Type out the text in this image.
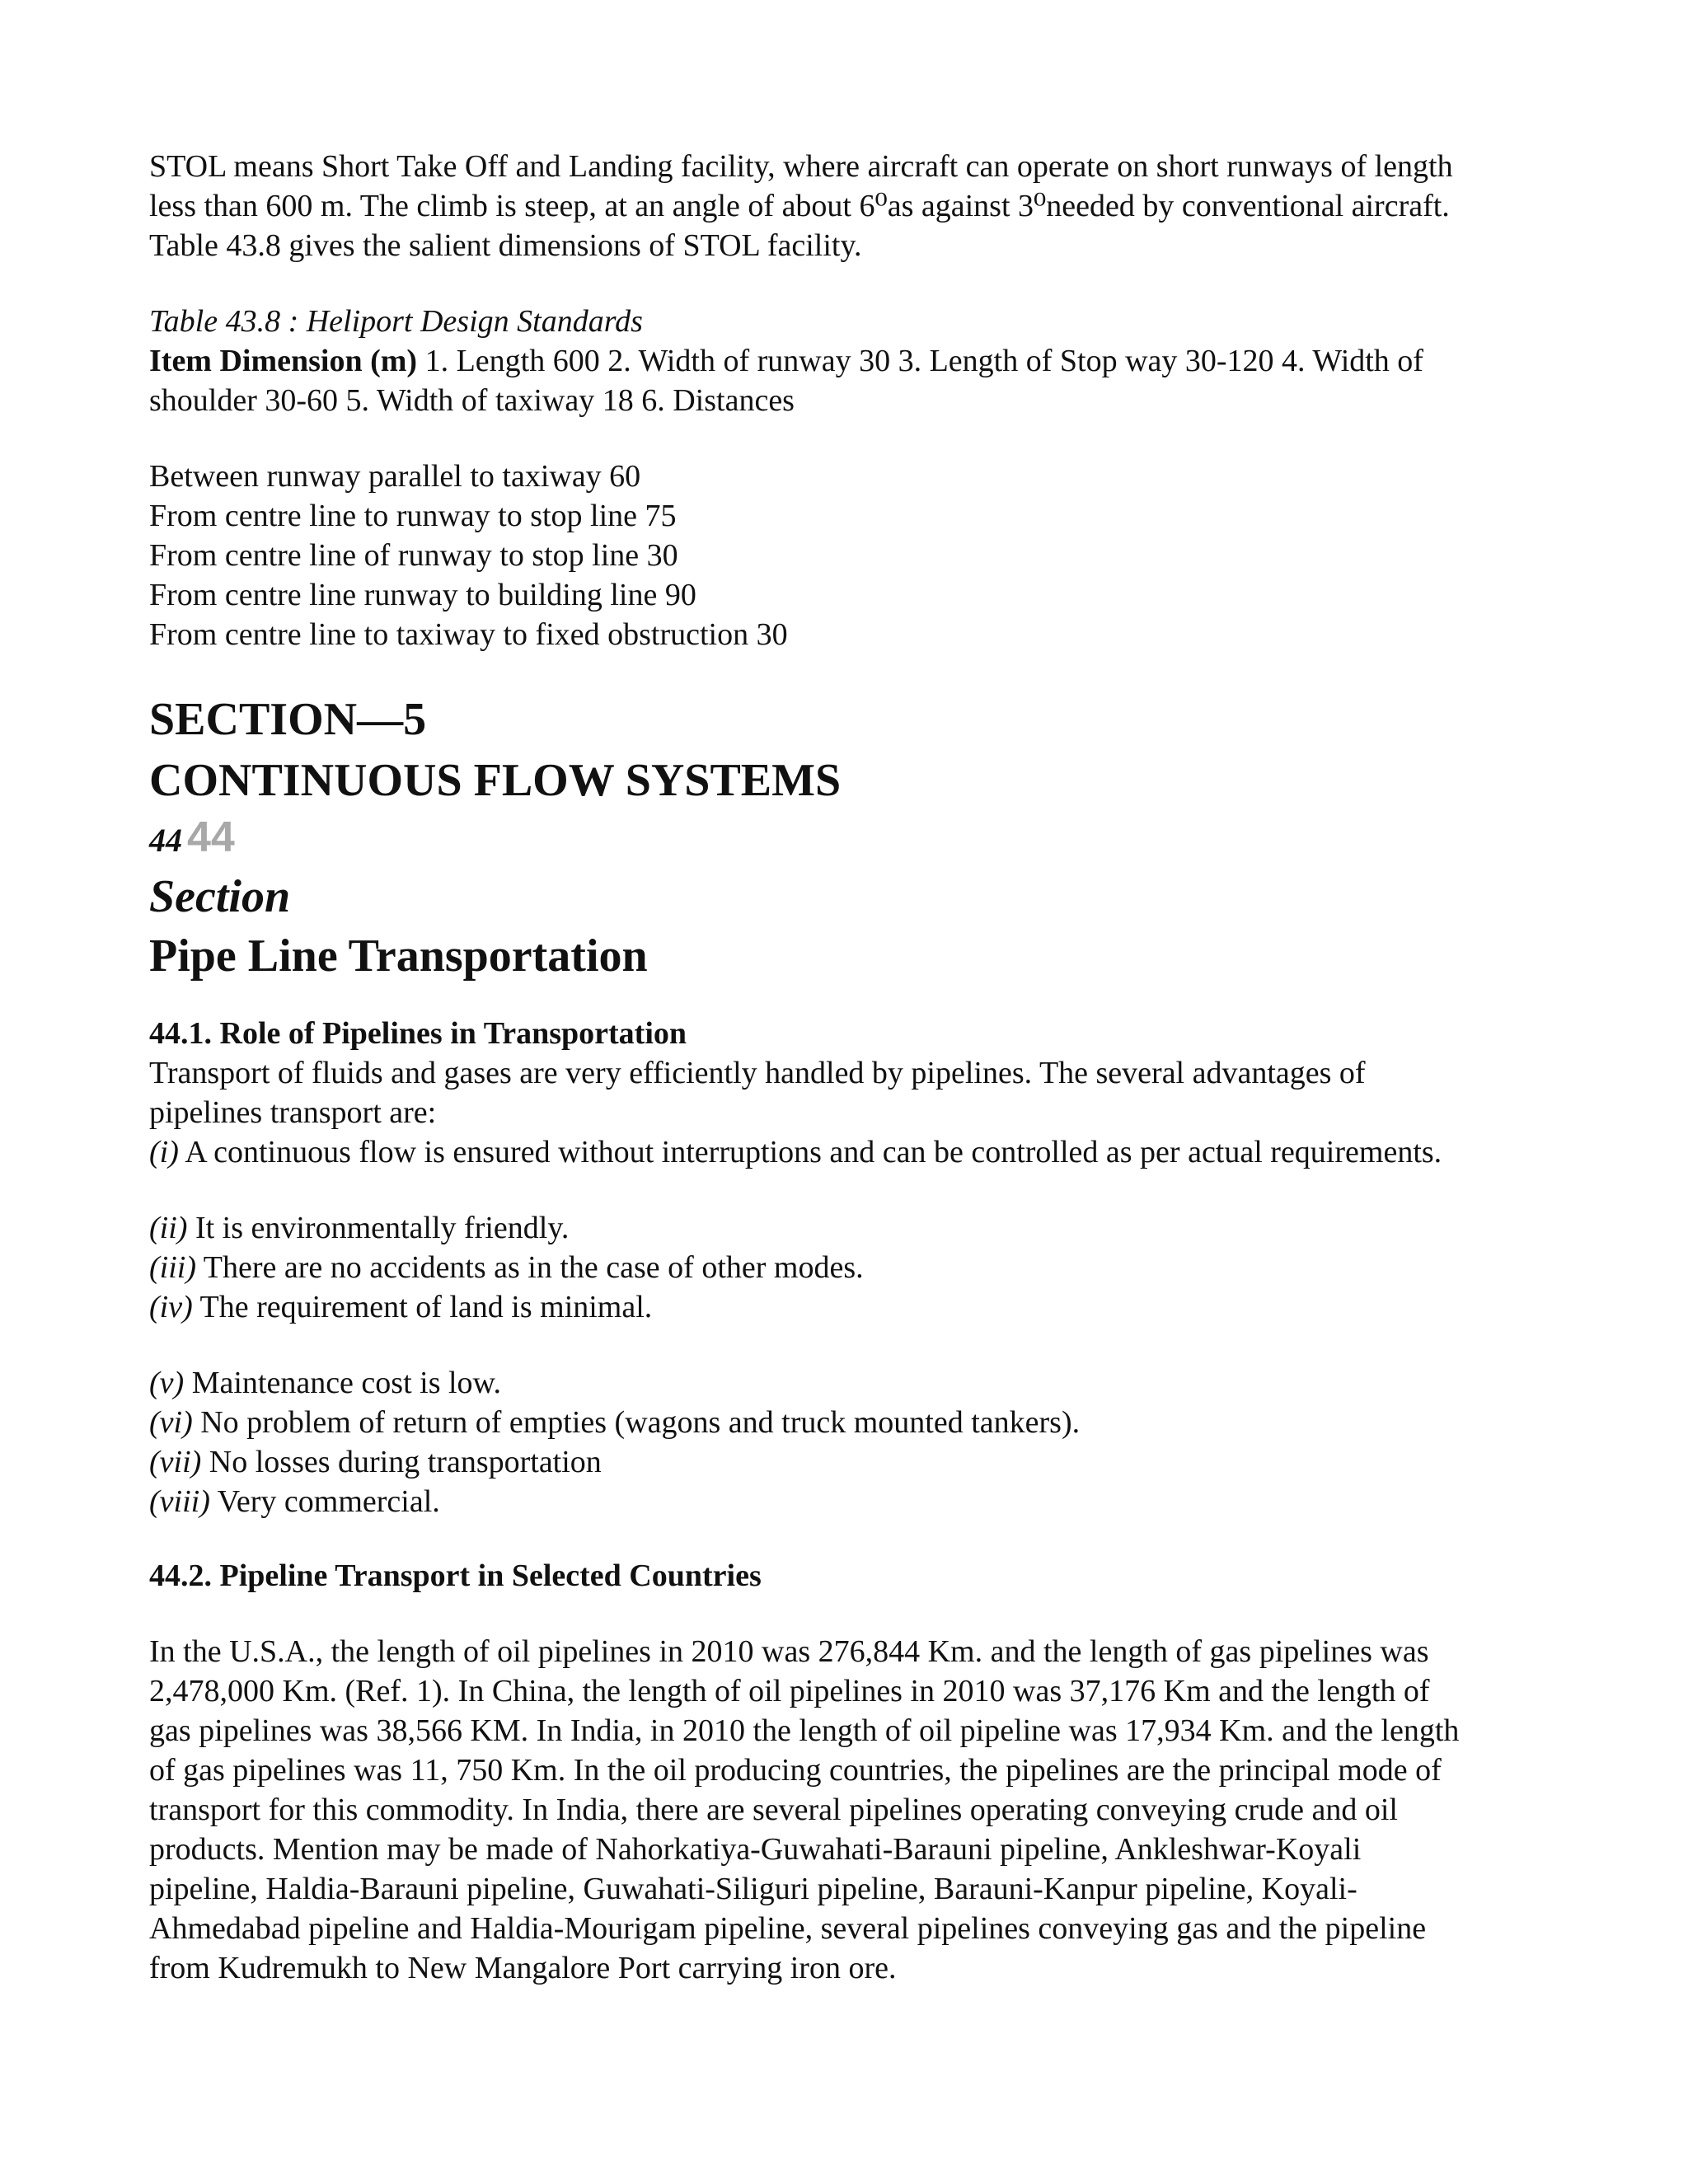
STOL means Short Take Off and Landing facility, where aircraft can operate on short runways of length

less than 600 m. The climb is steep, at an angle of about 6⁰as against 3⁰needed by conventional aircraft.

Table 43.8 gives the salient dimensions of STOL facility.

Table 43.8 : Heliport Design Standards

Item Dimension (m) 1. Length 600 2. Width of runway 30 3. Length of Stop way 30-120 4. Width of

shoulder 30-60 5. Width of taxiway 18 6. Distances

Between runway parallel to taxiway 60

From centre line to runway to stop line 75

From centre line of runway to stop line 30

From centre line runway to building line 90

From centre line to taxiway to fixed obstruction 30

SECTION—5

CONTINUOUS FLOW SYSTEMS

44 44

Section

Pipe Line Transportation

44.1. Role of Pipelines in Transportation

Transport of fluids and gases are very efficiently handled by pipelines. The several advantages of

pipelines transport are:

(i) A continuous flow is ensured without interruptions and can be controlled as per actual requirements.

(ii) It is environmentally friendly.

(iii) There are no accidents as in the case of other modes.

(iv) The requirement of land is minimal.

(v) Maintenance cost is low.

(vi) No problem of return of empties (wagons and truck mounted tankers).

(vii) No losses during transportation

(viii) Very commercial.

44.2. Pipeline Transport in Selected Countries

In the U.S.A., the length of oil pipelines in 2010 was 276,844 Km. and the length of gas pipelines was

2,478,000 Km. (Ref. 1). In China, the length of oil pipelines in 2010 was 37,176 Km and the length of

gas pipelines was 38,566 KM. In India, in 2010 the length of oil pipeline was 17,934 Km. and the length

of gas pipelines was 11, 750 Km. In the oil producing countries, the pipelines are the principal mode of

transport for this commodity. In India, there are several pipelines operating conveying crude and oil

products. Mention may be made of Nahorkatiya-Guwahati-Barauni pipeline, Ankleshwar-Koyali

pipeline, Haldia-Barauni pipeline, Guwahati-Siliguri pipeline, Barauni-Kanpur pipeline, Koyali-

Ahmedabad pipeline and Haldia-Mourigam pipeline, several pipelines conveying gas and the pipeline

from Kudremukh to New Mangalore Port carrying iron ore.
